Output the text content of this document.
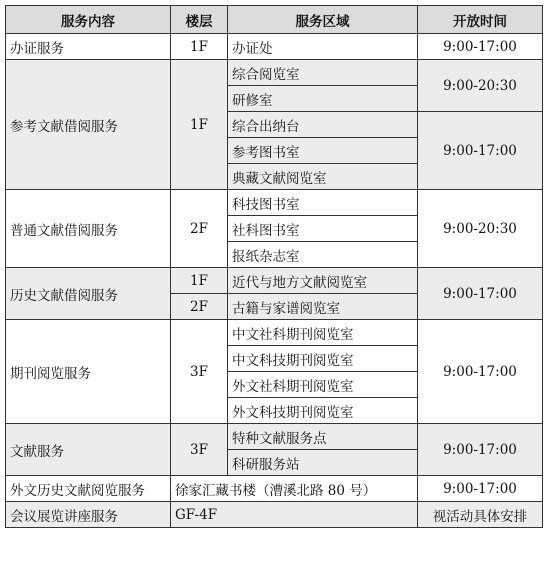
服务内容	楼层	服务区域	开放时间
办证服务	1F	办证处	9:00-17:00
参考文献借阅服务	1F	综合阅览室	9:00-20:30
		研修室	
		综合出纳台	9:00-17:00
		参考图书室	
		典藏文献阅览室	
普通文献借阅服务	2F	科技图书室	9:00-20:30
		社科图书室	
		报纸杂志室	
历史文献借阅服务	1F	近代与地方文献阅览室	9:00-17:00
	2F	古籍与家谱阅览室	
期刊阅览服务	3F	中文社科期刊阅览室	9:00-17:00
		中文科技期刊阅览室	
		外文社科期刊阅览室	
		外文科技期刊阅览室	
文献服务	3F	特种文献服务点	9:00-17:00
		科研服务站	
外文历史文献阅览服务	徐家汇藏书楼（漕溪北路 80 号）		9:00-17:00
会议展览讲座服务	GF-4F		视活动具体安排
